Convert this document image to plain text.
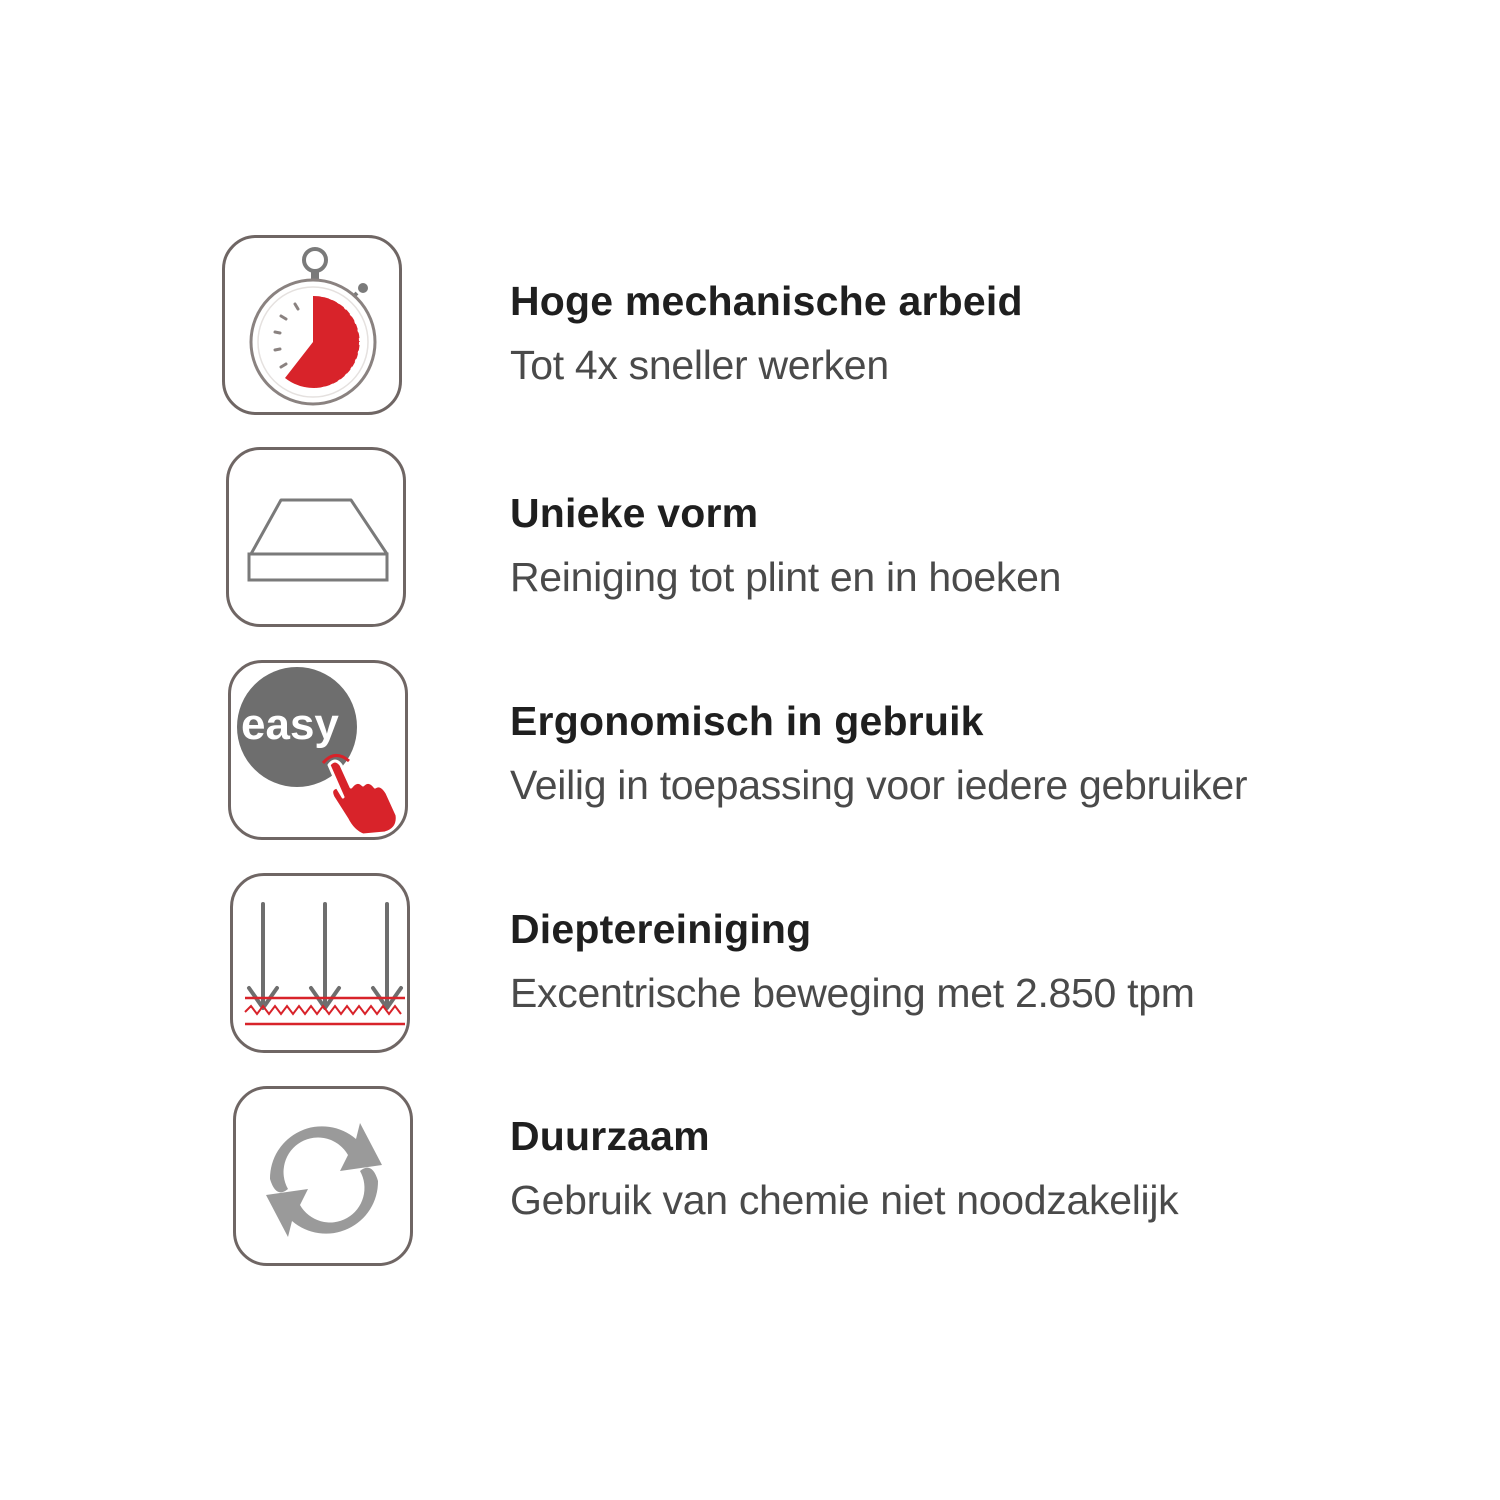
Hoge mechanische arbeid
Tot 4x sneller werken
Unieke vorm
Reiniging tot plint en in hoeken
easy	Ergonomisch in gebruik
Veilig in toepassing voor iedere gebruiker
Dieptereiniging
Excentrische beweging met 2.850 tpm
Duurzaam
Gebruik van chemie niet noodzakelijk
